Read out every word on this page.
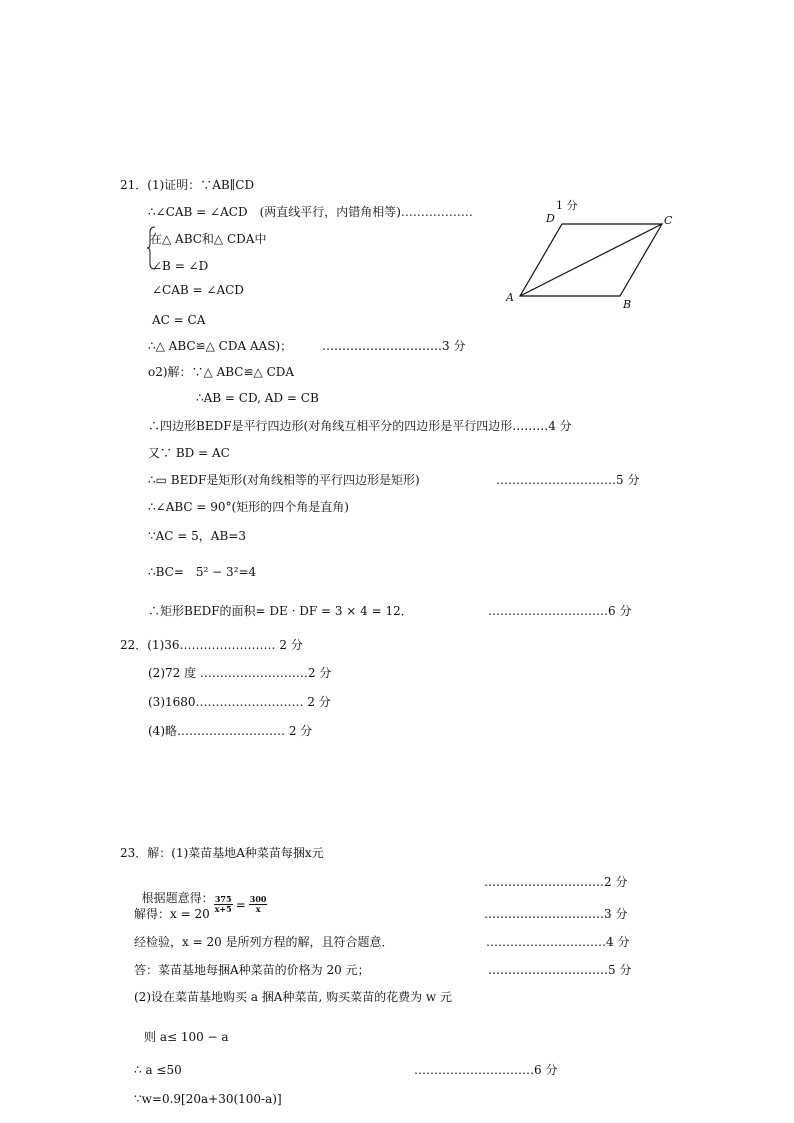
21．(1)证明：∵AB∥CD
∴∠CAB = ∠ACD　(两直线平行，内错角相等)………………	1 分
在△ ABC和△ CDA中
∠B = ∠D
∠CAB = ∠ACD
AC = CA
∴△ ABC≌△ CDA AAS)； …………………………3 分
o2)解：∵△ ABC≌△ CDA
∴AB = CD, AD = CB
∴四边形BEDF是平行四边形(对角线互相平分的四边形是平行四边形………4 分
又∵ BD = AC
∴▭ BEDF是矩形(对角线相等的平行四边形是矩形)	…………………………5 分
∴∠ABC = 90°(矩形的四个角是直角)
∵AC = 5，AB=3
∴BC=　5² − 3²=4
∴矩形BEDF的面积= DE · DF = 3 × 4 = 12．	…………………………6 分
A
B
C
D
22．(1)36…………………… 2 分
(2)72 度 ………………………2 分
(3)1680……………………… 2 分
(4)略……………………… 2 分
23．解：(1)菜苗基地A种菜苗每捆x元

根据题意得： $\frac{375}{x+5} = \frac{300}{x}$

…………………………2 分
解得：x = 20	…………………………3 分
经检验，x = 20 是所列方程的解，且符合题意．	…………………………4 分
答：菜苗基地每捆A种菜苗的价格为 20 元；	…………………………5 分
(2)设在菜苗基地购买 a 捆A种菜苗, 购买菜苗的花费为 w 元
则 a≤ 100 − a
∴ a ≤50	…………………………6 分
∵w=0.9[20a+30(100-a)]
